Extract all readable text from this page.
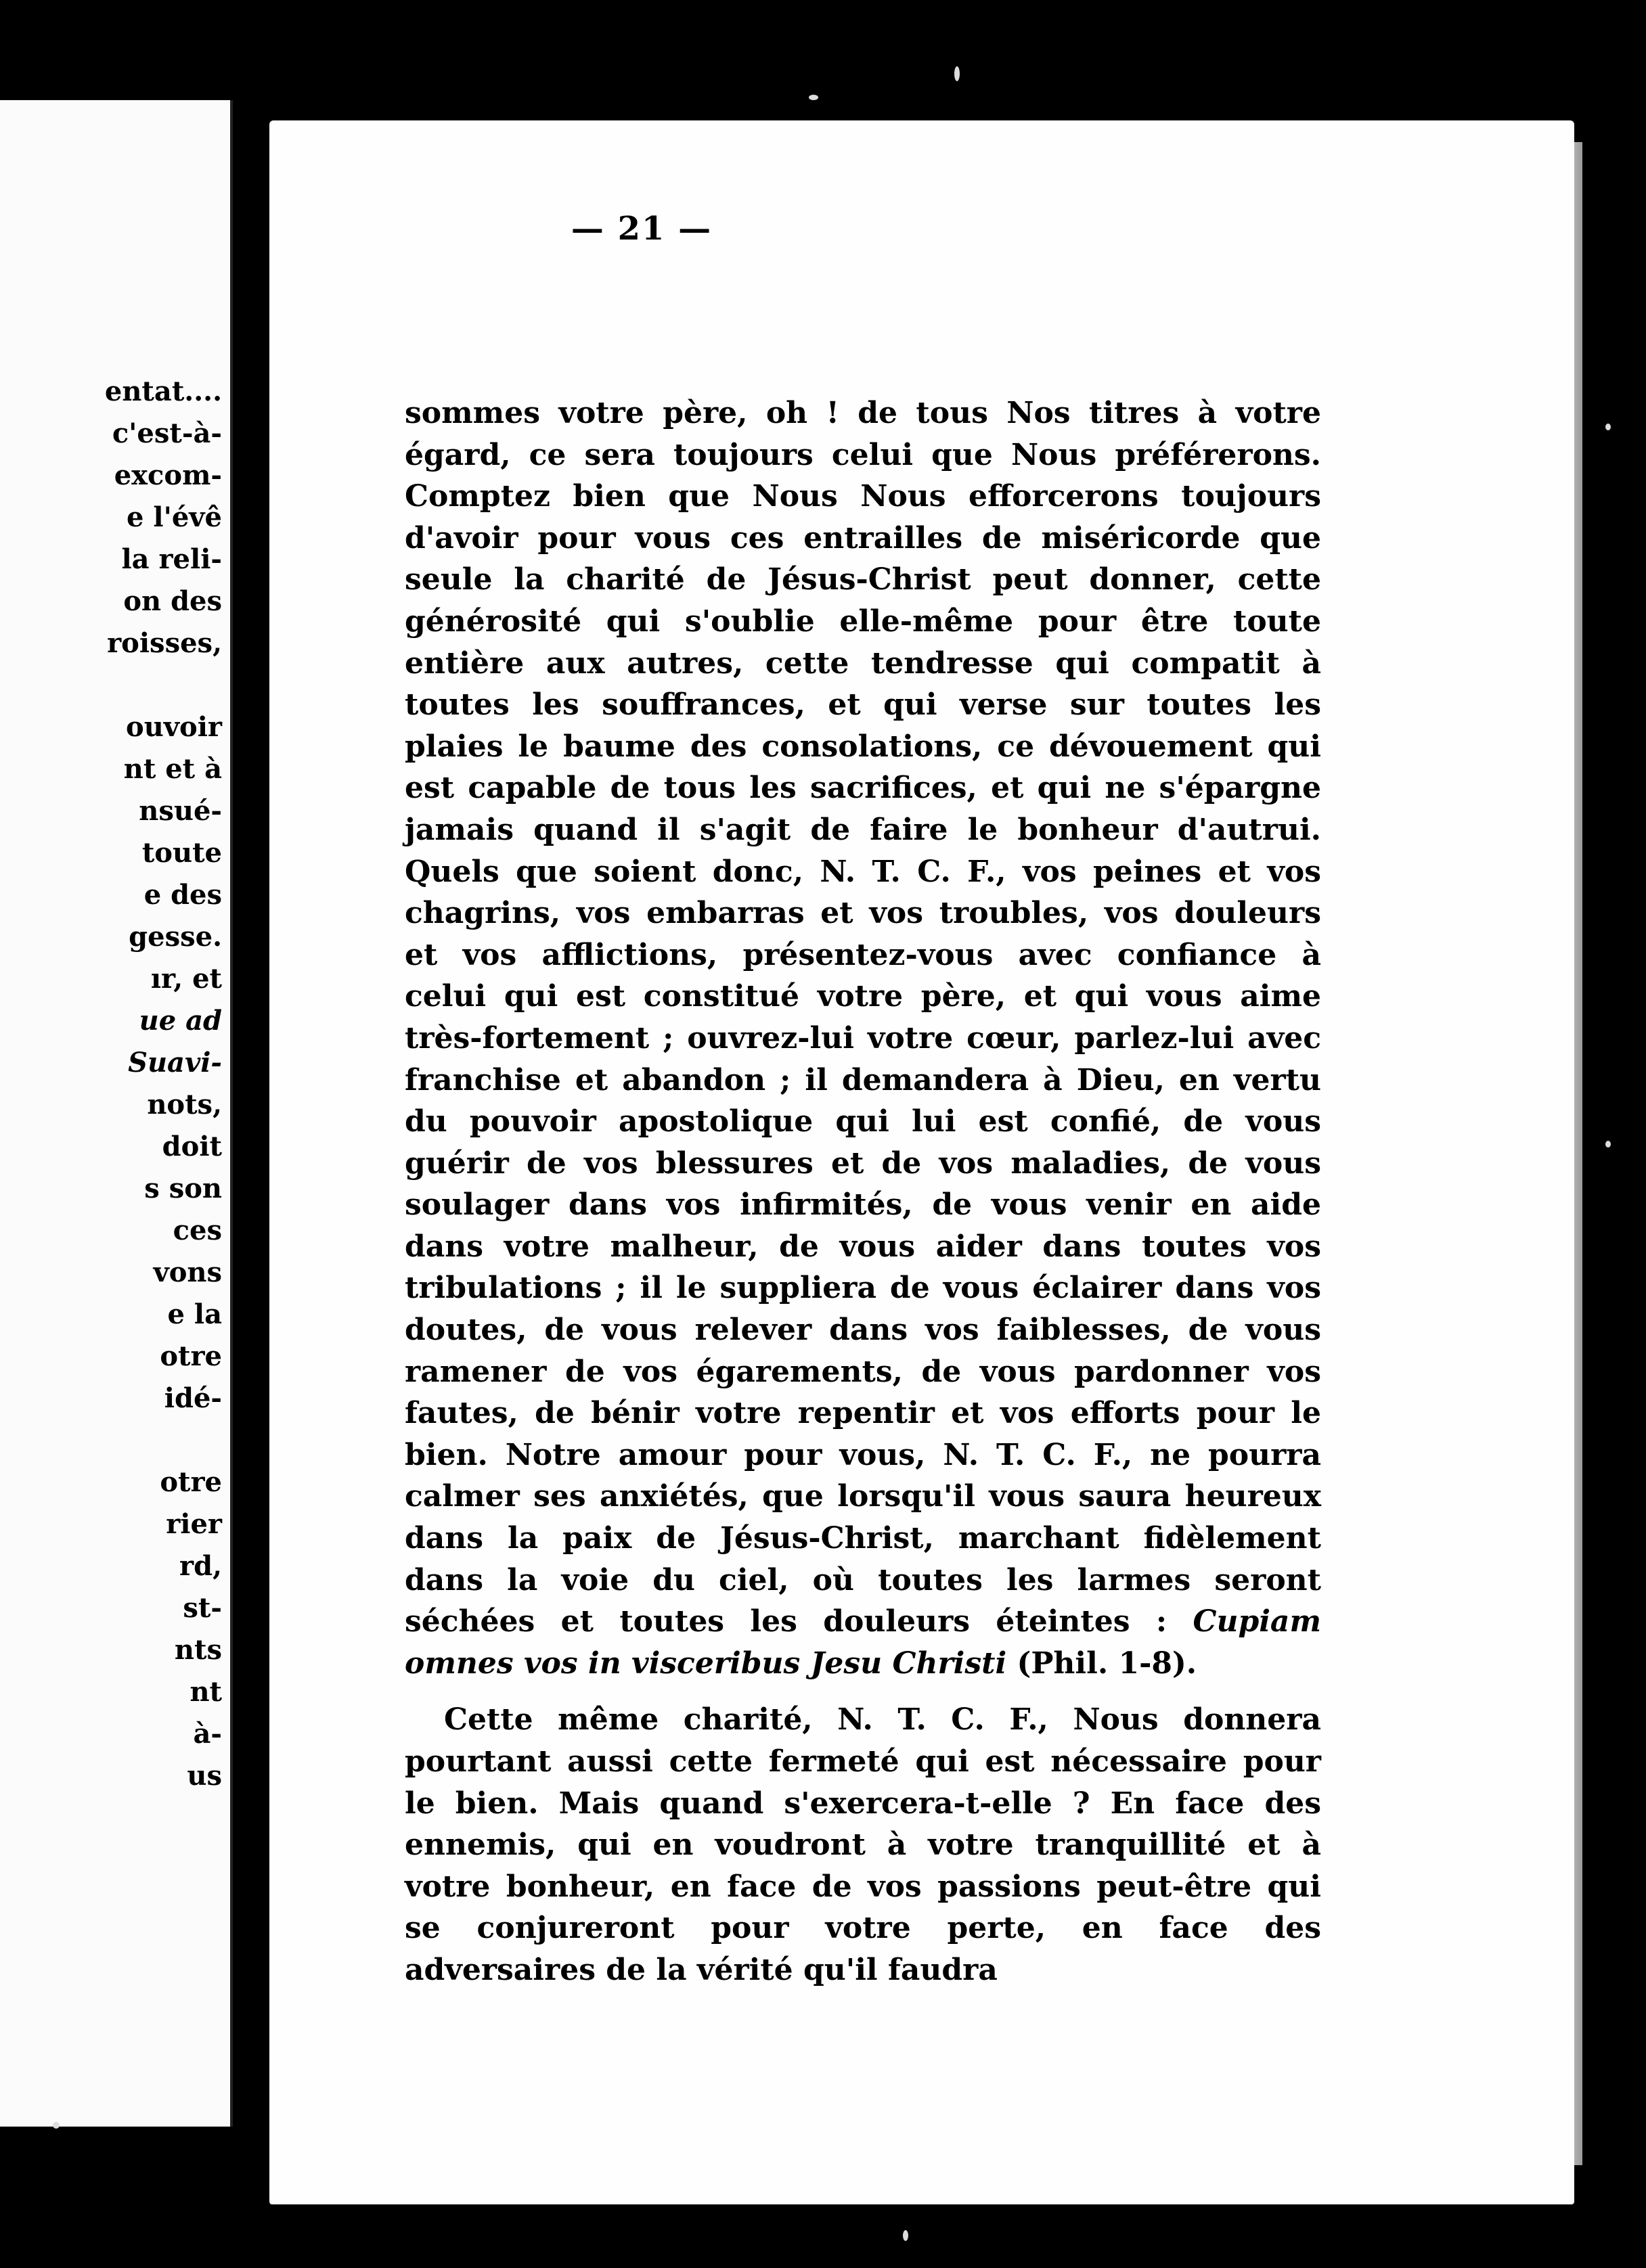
entat....
c'est-à-
excom-
e l'évê
la reli-
on des
roisses,
ouvoir
nt et à
nsué-
toute
e des
gesse.
ır, et
ue ad
Suavi-
nots,
doit
s son
ces
vons
e la
otre
idé-
otre
rier
rd,
st-
nts
nt
à-
us
— 21 —

sommes votre père, oh ! de tous Nos titres à votre égard, ce sera toujours celui que Nous préférerons. Comptez bien que Nous Nous efforcerons toujours d'avoir pour vous ces entrailles de miséricorde que seule la charité de Jésus-Christ peut donner, cette générosité qui s'oublie elle-même pour être toute entière aux autres, cette tendresse qui compatit à toutes les souffrances, et qui verse sur toutes les plaies le baume des consolations, ce dévouement qui est capable de tous les sacrifices, et qui ne s'épargne jamais quand il s'agit de faire le bonheur d'autrui. Quels que soient donc, N. T. C. F., vos peines et vos chagrins, vos embarras et vos troubles, vos douleurs et vos afflictions, présentez-vous avec confiance à celui qui est constitué votre père, et qui vous aime très-fortement ; ouvrez-lui votre cœur, parlez-lui avec franchise et abandon ; il demandera à Dieu, en vertu du pouvoir apostolique qui lui est confié, de vous guérir de vos blessures et de vos maladies, de vous soulager dans vos infirmités, de vous venir en aide dans votre malheur, de vous aider dans toutes vos tribulations ; il le suppliera de vous éclairer dans vos doutes, de vous relever dans vos faiblesses, de vous ramener de vos égarements, de vous pardonner vos fautes, de bénir votre repentir et vos efforts pour le bien. Notre amour pour vous, N. T. C. F., ne pourra calmer ses anxiétés, que lorsqu'il vous saura heureux dans la paix de Jésus-Christ, marchant fidèlement dans la voie du ciel, où toutes les larmes seront séchées et toutes les douleurs éteintes : Cupiam omnes vos in visceribus Jesu Christi (Phil. 1-8).

Cette même charité, N. T. C. F., Nous donnera pourtant aussi cette fermeté qui est nécessaire pour le bien. Mais quand s'exercera-t-elle ? En face des ennemis, qui en voudront à votre tranquillité et à votre bonheur, en face de vos passions peut-être qui se conjureront pour votre perte, en face des adversaires de la vérité qu'il faudra
